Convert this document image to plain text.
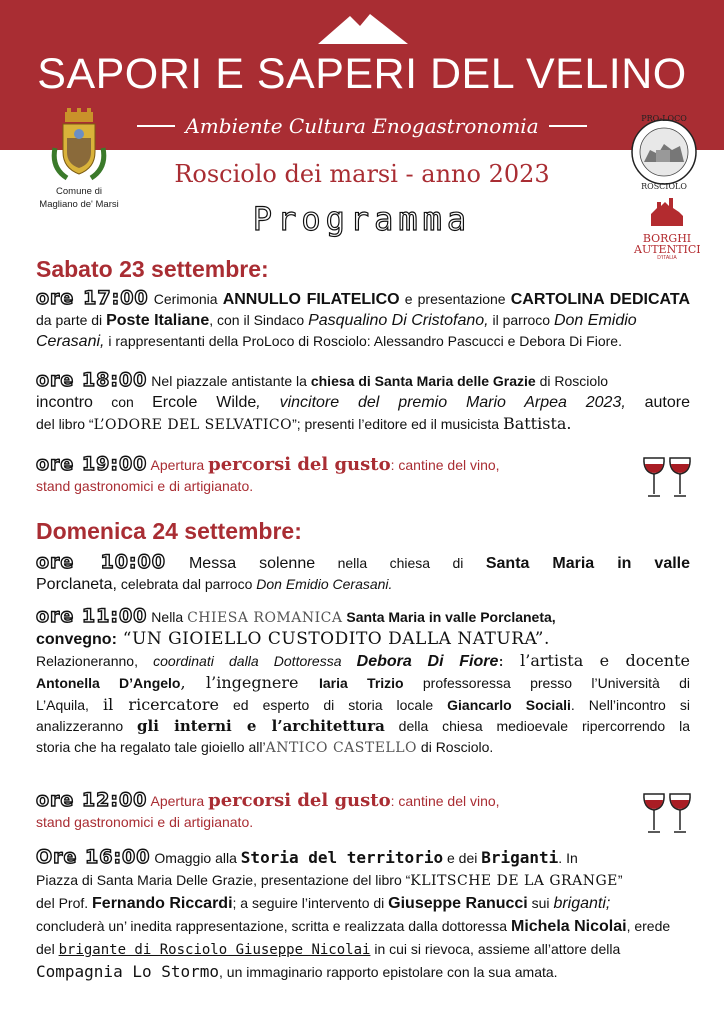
SAPORI E SAPERI DEL VELINO
Ambiente Cultura Enogastronomia
Comune di
Magliano de' Marsi
PRO-LOCO
ROSCIOLO
BORGHI
AUTENTICI
D'ITALIA
Rosciolo dei marsi - anno 2023
Programma
Sabato 23 settembre:
ore 17:00 Cerimonia ANNULLO FILATELICO e presentazione CARTOLINA DEDICATA
da parte di Poste Italiane, con il Sindaco Pasqualino Di Cristofano, il parroco Don Emidio
Cerasani, i rappresentanti della ProLoco di Rosciolo: Alessandro Pascucci e Debora Di Fiore.
ore 18:00 Nel piazzale antistante la chiesa di Santa Maria delle Grazie di Rosciolo
incontro con Ercole Wilde, vincitore del premio Mario Arpea 2023, autore
del libro “L’ODORE DEL SELVATICO”; presenti l’editore ed il musicista Battista.
ore 19:00 Apertura percorsi del gusto: cantine del vino,
stand gastronomici e di artigianato.
Domenica 24 settembre:
ore 10:00 Messa solenne nella chiesa di Santa Maria in valle
Porclaneta, celebrata dal parroco Don Emidio Cerasani.
ore 11:00 Nella CHIESA ROMANICA Santa Maria in valle Porclaneta,
convegno: “UN GIOIELLO CUSTODITO DALLA NATURA”.
Relazioneranno, coordinati dalla Dottoressa Debora Di Fiore: l’artista e docente
Antonella D’Angelo, l’ingegnere Iaria Trizio professoressa presso l’Università di
L’Aquila, il ricercatore ed esperto di storia locale Giancarlo Sociali. Nell’incontro si
analizzeranno gli interni e l’architettura della chiesa medioevale ripercorrendo la
storia che ha regalato tale gioiello all’ANTICO CASTELLO di Rosciolo.
ore 12:00 Apertura percorsi del gusto: cantine del vino,
stand gastronomici e di artigianato.
Ore 16:00 Omaggio alla Storia del territorio e dei Briganti. In
Piazza di Santa Maria Delle Grazie, presentazione del libro “KLITSCHE DE LA GRANGE”
del Prof. Fernando Riccardi; a seguire l’intervento di Giuseppe Ranucci sui briganti;
concluderà un’ inedita rappresentazione, scritta e realizzata dalla dottoressa Michela Nicolai, erede
del brigante di Rosciolo Giuseppe Nicolai in cui si rievoca, assieme all’attore della
Compagnia Lo Stormo, un immaginario rapporto epistolare con la sua amata.
